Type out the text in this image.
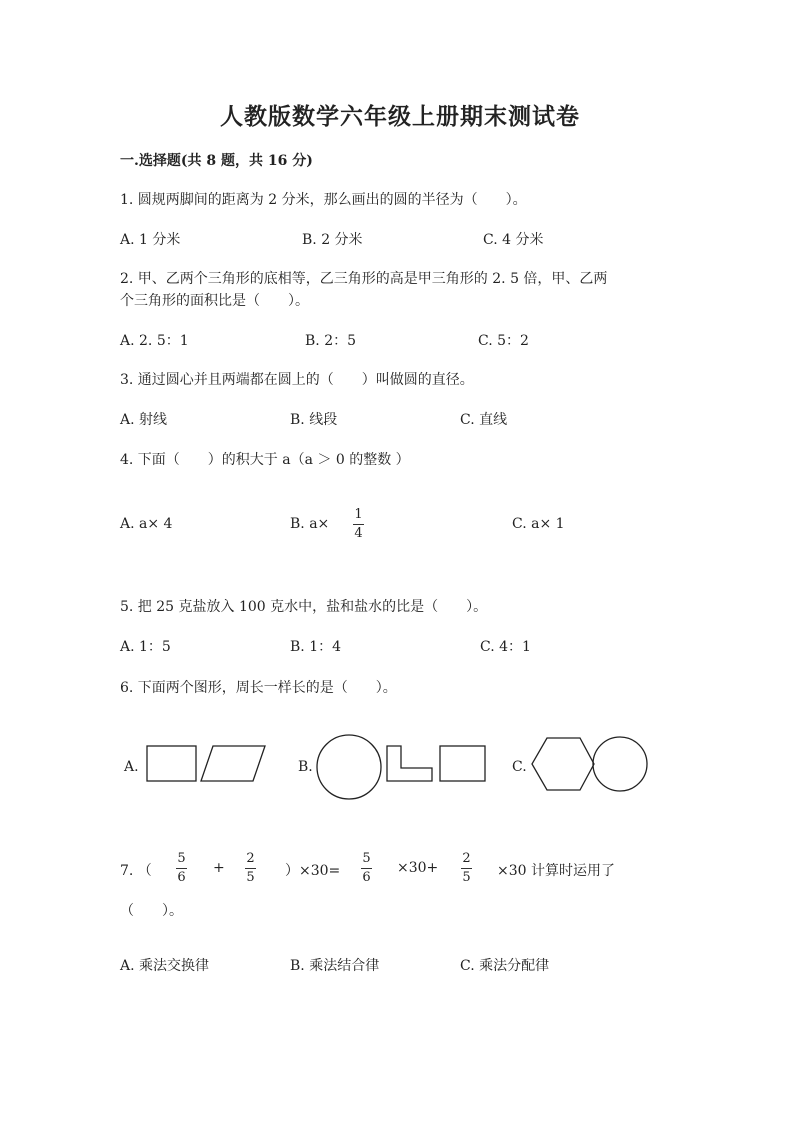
人教版数学六年级上册期末测试卷
一.选择题(共 8 题，共 16 分)
1. 圆规两脚间的距离为 2 分米，那么画出的圆的半径为（　　）。
A. 1 分米	B. 2 分米	C. 4 分米
2. 甲、乙两个三角形的底相等，乙三角形的高是甲三角形的 2. 5 倍，甲、乙两
个三角形的面积比是（　　）。
A. 2. 5：1	B. 2：5	C. 5：2
3. 通过圆心并且两端都在圆上的（　　）叫做圆的直径。
A. 射线	B. 线段	C. 直线
4. 下面（　　）的积大于 a（a ＞ 0 的整数 ）
A. a× 4	B. a×
1
4
C. a× 1
5. 把 25 克盐放入 100 克水中，盐和盐水的比是（　　）。
A. 1：5	B. 1：4	C. 4：1
6. 下面两个图形，周长一样长的是（　　）。
A.	B.	C.
7. （
5
6
+
2
5 ）×30=
5
6
×30+
2
5 ×30 计算时运用了
（　　）。
A. 乘法交换律	B. 乘法结合律	C. 乘法分配律
